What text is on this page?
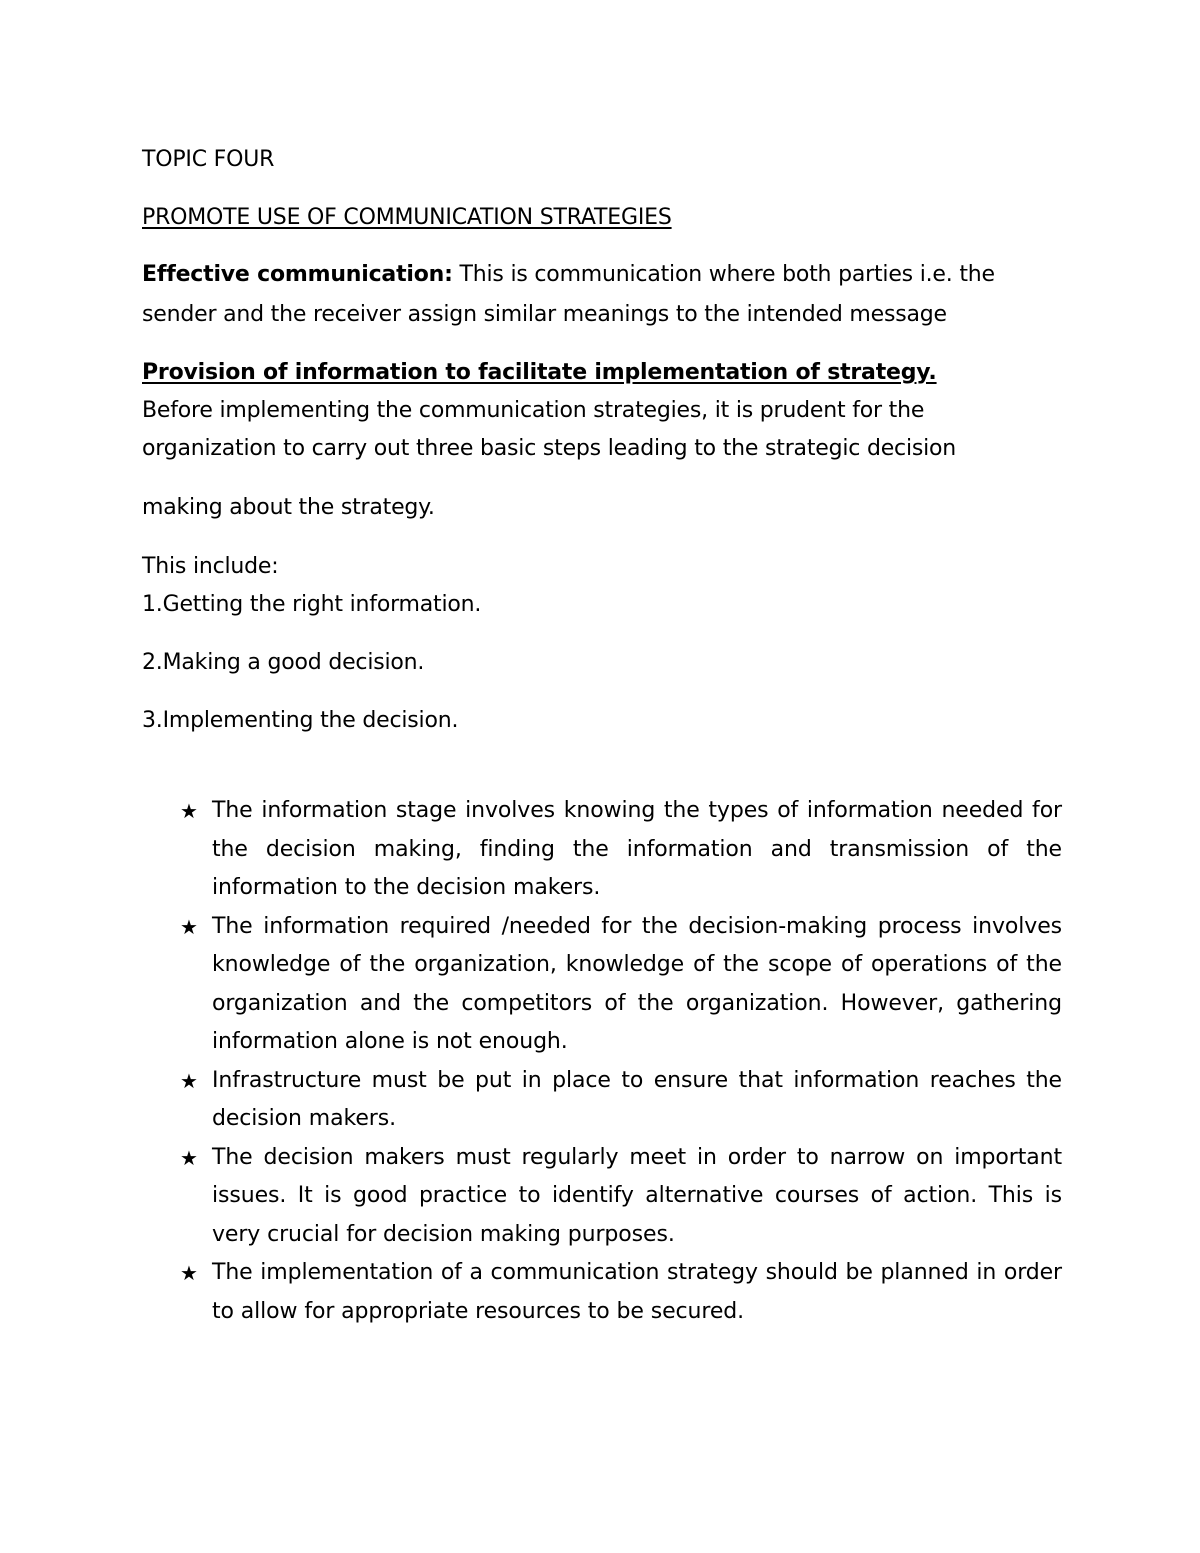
TOPIC FOUR
PROMOTE USE OF COMMUNICATION STRATEGIES
Effective communication: This is communication where both parties i.e. the
sender and the receiver assign similar meanings to the intended message
Provision of information to facilitate implementation of strategy.
Before implementing the communication strategies, it is prudent for the
organization to carry out three basic steps leading to the strategic decision
making about the strategy.
This include:
1.Getting the right information.
2.Making a good decision.
3.Implementing the decision.
★ The information stage involves knowing the types of information needed for the decision making, finding the information and transmission of the information to the decision makers.
★ The information required /needed for the decision-making process involves knowledge of the organization, knowledge of the scope of operations of the organization and the competitors of the organization. However, gathering information alone is not enough.
★ Infrastructure must be put in place to ensure that information reaches the decision makers.
★ The decision makers must regularly meet in order to narrow on important issues. It is good practice to identify alternative courses of action. This is very crucial for decision making purposes.
★ The implementation of a communication strategy should be planned in order to allow for appropriate resources to be secured.
